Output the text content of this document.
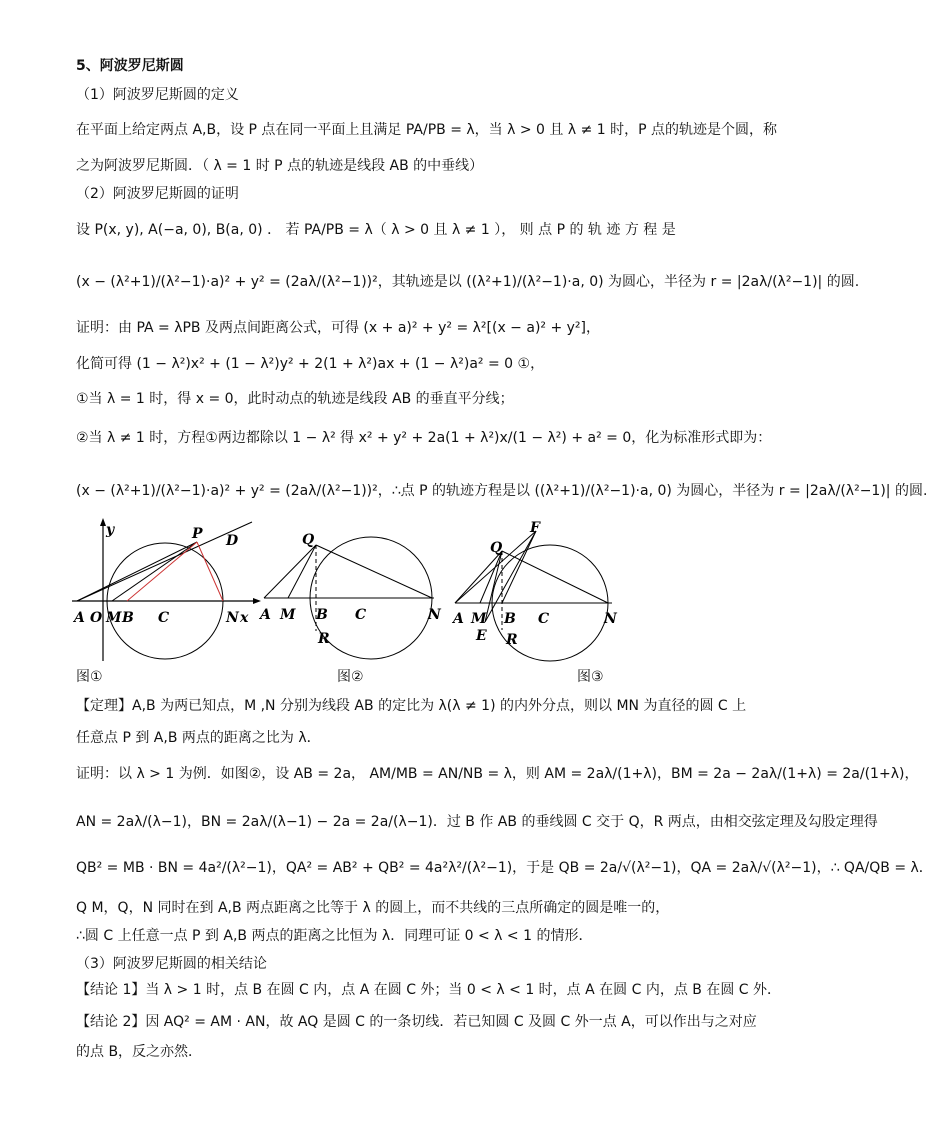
5、阿波罗尼斯圆
（1）阿波罗尼斯圆的定义
在平面上给定两点 A,B，设 P 点在同一平面上且满足 PA/PB = λ，当 λ > 0 且 λ ≠ 1 时，P 点的轨迹是个圆，称
之为阿波罗尼斯圆．（ λ = 1 时 P 点的轨迹是线段 AB 的中垂线）
（2）阿波罗尼斯圆的证明
设 P(x, y), A(−a, 0), B(a, 0) ． 若 PA/PB = λ（ λ > 0 且 λ ≠ 1 ）， 则 点 P 的 轨 迹 方 程 是
(x − (λ²+1)/(λ²−1)·a)² + y² = (2aλ/(λ²−1))²，其轨迹是以 ((λ²+1)/(λ²−1)·a, 0) 为圆心，半径为 r = |2aλ/(λ²−1)| 的圆.
证明：由 PA = λPB 及两点间距离公式，可得 (x + a)² + y² = λ²[(x − a)² + y²]，
化简可得 (1 − λ²)x² + (1 − λ²)y² + 2(1 + λ²)ax + (1 − λ²)a² = 0 ①，
①当 λ = 1 时，得 x = 0，此时动点的轨迹是线段 AB 的垂直平分线；
②当 λ ≠ 1 时，方程①两边都除以 1 − λ² 得 x² + y² + 2a(1 + λ²)x/(1 − λ²) + a² = 0，化为标准形式即为：
(x − (λ²+1)/(λ²−1)·a)² + y² = (2aλ/(λ²−1))²，∴点 P 的轨迹方程是以 ((λ²+1)/(λ²−1)·a, 0) 为圆心，半径为 r = |2aλ/(λ²−1)| 的圆.
y	P D
A O M B C	N x
图①
Q
A M B C	N
R
图②
F
Q
A M B C	N
E R
图③
【定理】A,B 为两已知点，M ,N 分别为线段 AB 的定比为 λ(λ ≠ 1) 的内外分点，则以 MN 为直径的圆 C 上
任意点 P 到 A,B 两点的距离之比为 λ．
证明：以 λ > 1 为例．如图②，设 AB = 2a， AM/MB = AN/NB = λ，则 AM = 2aλ/(1+λ)，BM = 2a − 2aλ/(1+λ) = 2a/(1+λ)，
AN = 2aλ/(λ−1)，BN = 2aλ/(λ−1) − 2a = 2a/(λ−1)．过 B 作 AB 的垂线圆 C 交于 Q，R 两点，由相交弦定理及勾股定理得
QB² = MB · BN = 4a²/(λ²−1)，QA² = AB² + QB² = 4a²λ²/(λ²−1)，于是 QB = 2a/√(λ²−1)，QA = 2aλ/√(λ²−1)，∴ QA/QB = λ．
Q M，Q，N 同时在到 A,B 两点距离之比等于 λ 的圆上，而不共线的三点所确定的圆是唯一的，
∴圆 C 上任意一点 P 到 A,B 两点的距离之比恒为 λ．同理可证 0 < λ < 1 的情形．
（3）阿波罗尼斯圆的相关结论
【结论 1】当 λ > 1 时，点 B 在圆 C 内，点 A 在圆 C 外；当 0 < λ < 1 时，点 A 在圆 C 内，点 B 在圆 C 外．
【结论 2】因 AQ² = AM · AN，故 AQ 是圆 C 的一条切线．若已知圆 C 及圆 C 外一点 A，可以作出与之对应
的点 B，反之亦然．
